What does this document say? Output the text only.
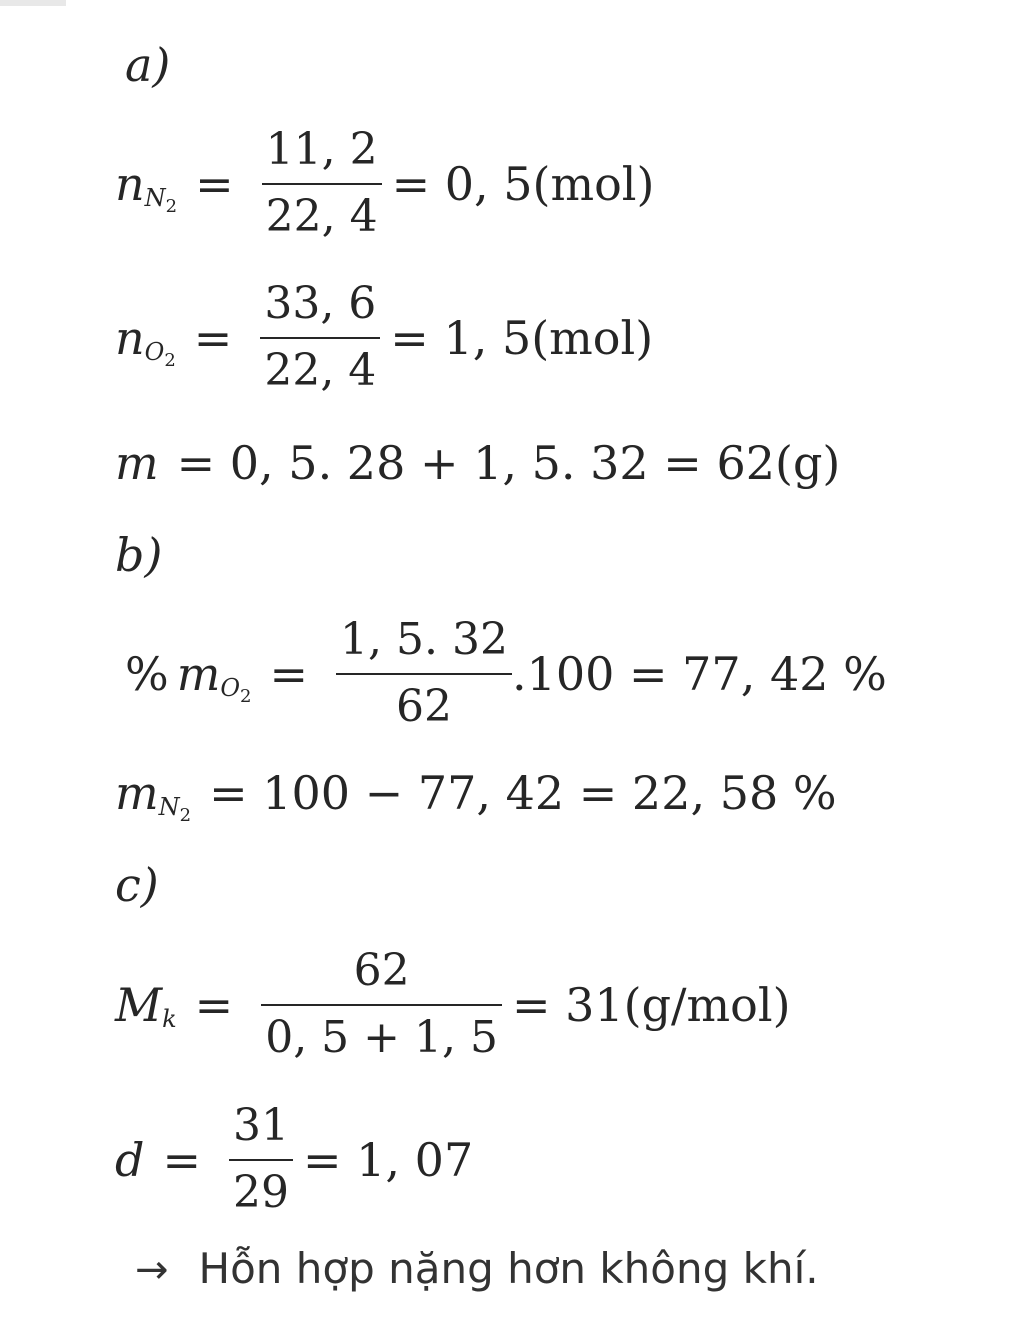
a)
n $N_2 = \frac{11, 2}{22, 4} = 0$, 5(mol)
n $O_2 = \frac{33, 6}{22, 4} = 1$, 5(mol)
m = 0, 5. 28 + 1, 5. 32 = 62(g)
b)
% m $O_2 = \frac{1, 5. 32}{62} .100 = 77$, 42 %
m $N_2 = 100 - 77$, 42 = 22, 58 %
c)
M $k = \frac{62}{0, 5 + 1, 5} = 31(g/mol)$
$d = \frac{31}{29} = 1$, 07
→ Hỗn hợp nặng hơn không khí.
